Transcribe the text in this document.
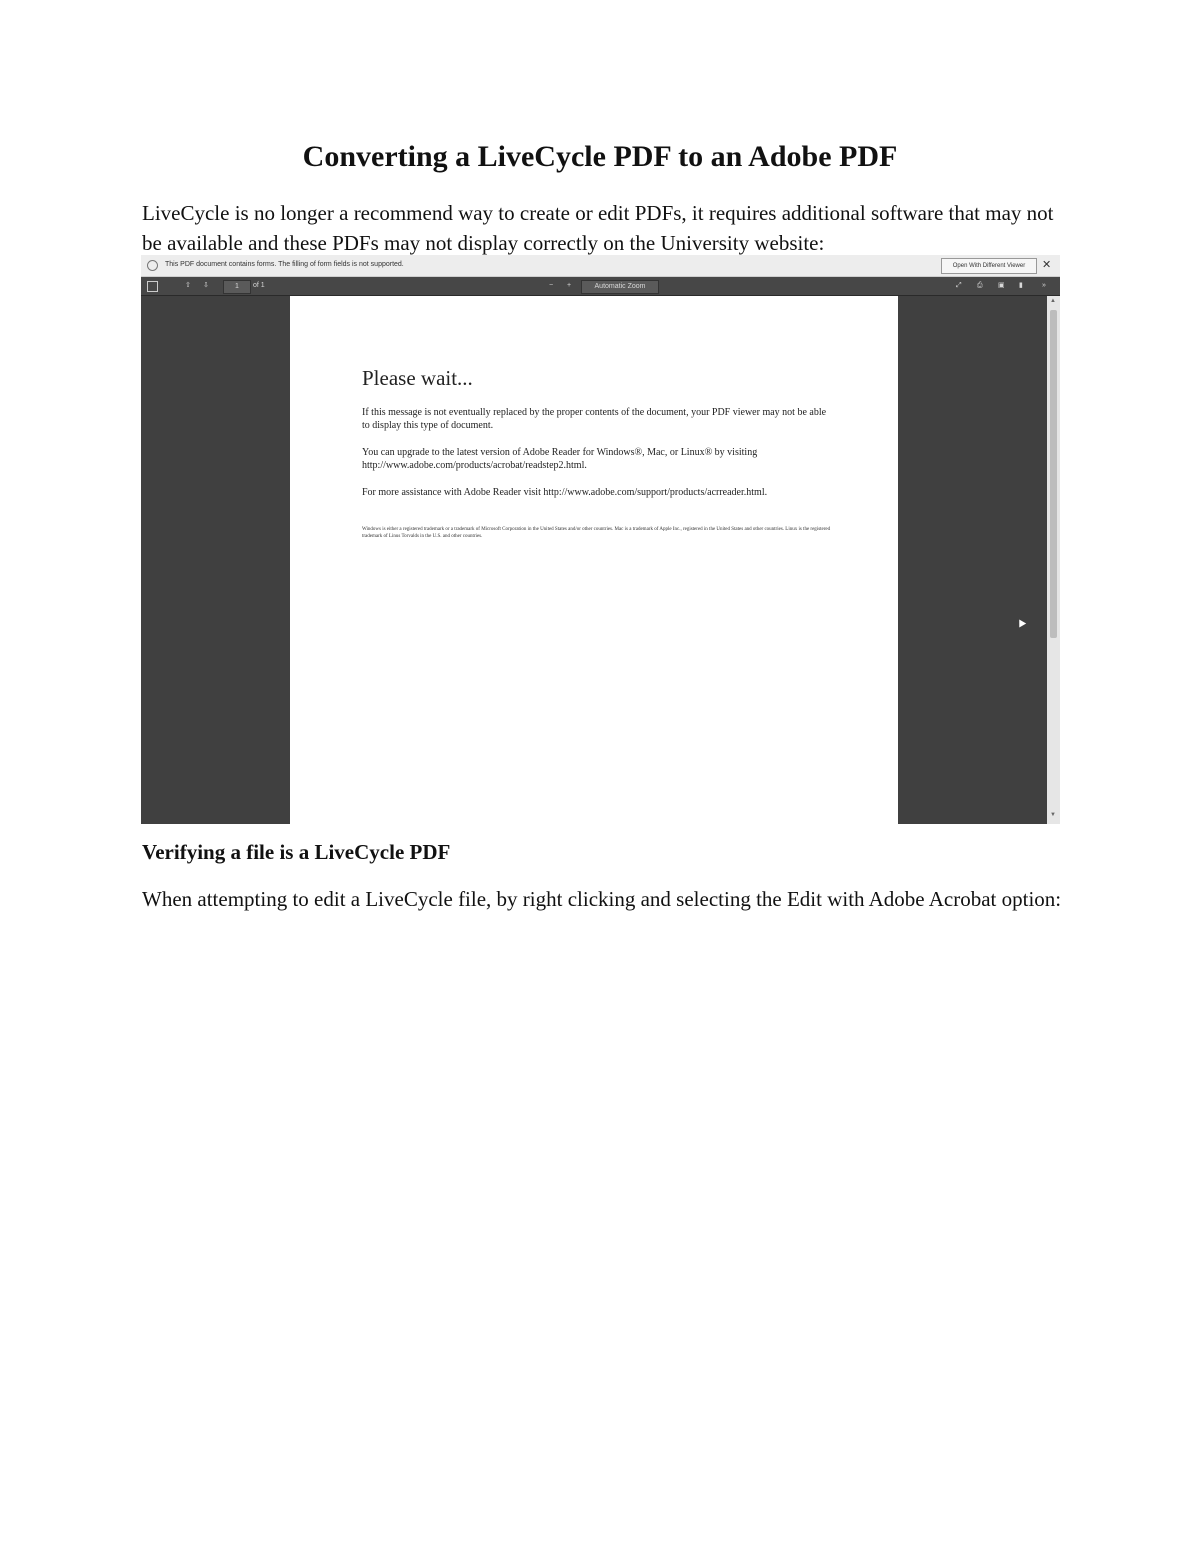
Converting a LiveCycle PDF to an Adobe PDF

LiveCycle is no longer a recommend way to create or edit PDFs, it requires additional software that may not be available and these PDFs may not display correctly on the University website:

This PDF document contains forms. The filling of form fields is not supported.	Open With Different Viewer	✕
⇧ ⇩	1	of 1	− +	Automatic Zoom	⤢ ⎙ ▣ ▮	»
Please wait...

If this message is not eventually replaced by the proper contents of the document, your PDF viewer may not be able to display this type of document.

You can upgrade to the latest version of Adobe Reader for Windows®, Mac, or Linux® by visiting http://www.adobe.com/products/acrobat/readstep2.html.

For more assistance with Adobe Reader visit http://www.adobe.com/support/products/acrreader.html.

Windows is either a registered trademark or a trademark of Microsoft Corporation in the United States and/or other countries. Mac is a trademark of Apple Inc., registered in the United States and other countries. Linux is the registered trademark of Linus Torvalds in the U.S. and other countries.

▲
▼
Verifying a file is a LiveCycle PDF

When attempting to edit a LiveCycle file, by right clicking and selecting the Edit with Adobe Acrobat option:
